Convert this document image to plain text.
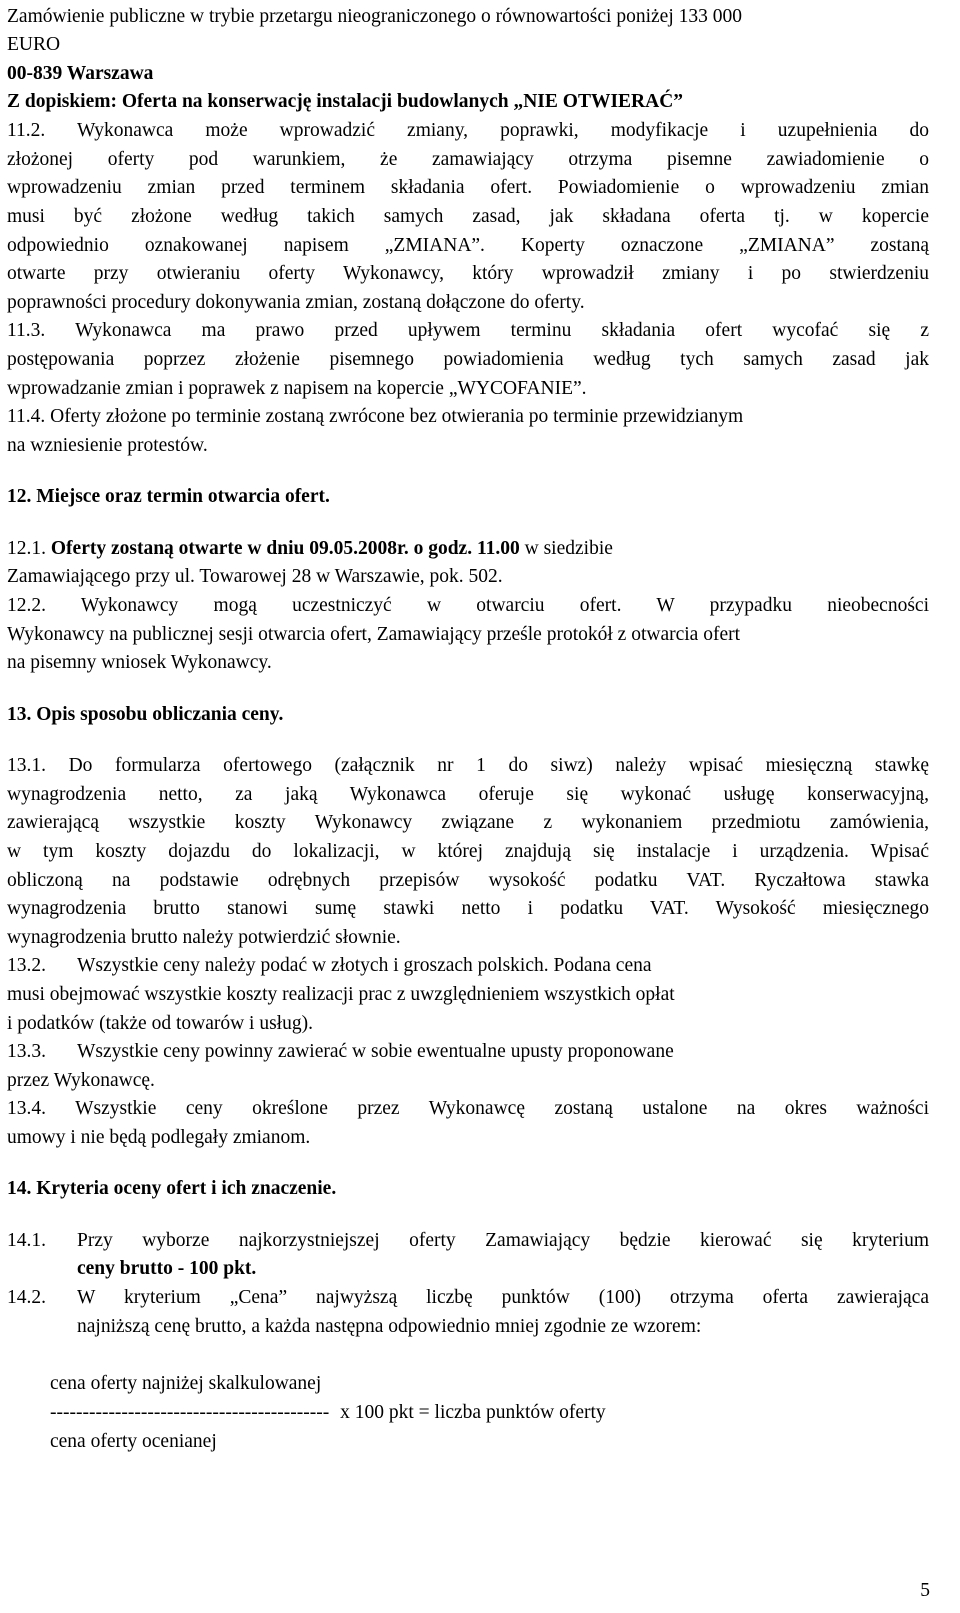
Zamówienie publiczne w trybie przetargu nieograniczonego o równowartości poniżej 133 000
EURO
00-839 Warszawa
Z dopiskiem: Oferta na konserwację instalacji budowlanych „NIE OTWIERAĆ”
11.2. Wykonawca może wprowadzić zmiany, poprawki, modyfikacje i uzupełnienia do
złożonej oferty pod warunkiem, że zamawiający otrzyma pisemne zawiadomienie o
wprowadzeniu zmian przed terminem składania ofert. Powiadomienie o wprowadzeniu zmian
musi być złożone według takich samych zasad, jak składana oferta tj. w kopercie
odpowiednio oznakowanej napisem „ZMIANA”. Koperty oznaczone „ZMIANA” zostaną
otwarte przy otwieraniu oferty Wykonawcy, który wprowadził zmiany i po stwierdzeniu
poprawności procedury dokonywania zmian, zostaną dołączone do oferty.
11.3. Wykonawca ma prawo przed upływem terminu składania ofert wycofać się z
postępowania poprzez złożenie pisemnego powiadomienia według tych samych zasad jak
wprowadzanie zmian i poprawek z napisem na kopercie „WYCOFANIE”.
11.4. Oferty złożone po terminie zostaną zwrócone bez otwierania po terminie przewidzianym
na wzniesienie protestów.
12. Miejsce oraz termin otwarcia ofert.
12.1. Oferty zostaną otwarte w dniu 09.05.2008r. o godz. 11.00 w siedzibie
Zamawiającego przy ul. Towarowej 28 w Warszawie, pok. 502.
12.2. Wykonawcy mogą uczestniczyć w otwarciu ofert. W przypadku nieobecności
Wykonawcy na publicznej sesji otwarcia ofert, Zamawiający prześle protokół z otwarcia ofert
na pisemny wniosek Wykonawcy.
13. Opis sposobu obliczania ceny.
13.1. Do formularza ofertowego (załącznik nr 1 do siwz) należy wpisać miesięczną stawkę
wynagrodzenia netto, za jaką Wykonawca oferuje się wykonać usługę konserwacyjną,
zawierającą wszystkie koszty Wykonawcy związane z wykonaniem przedmiotu zamówienia,
w tym koszty dojazdu do lokalizacji, w której znajdują się instalacje i urządzenia. Wpisać
obliczoną na podstawie odrębnych przepisów wysokość podatku VAT. Ryczałtowa stawka
wynagrodzenia brutto stanowi sumę stawki netto i podatku VAT. Wysokość miesięcznego
wynagrodzenia brutto należy potwierdzić słownie.
13.2. Wszystkie ceny należy podać w złotych i groszach polskich. Podana cena
musi obejmować wszystkie koszty realizacji prac z uwzględnieniem wszystkich opłat
i podatków (także od towarów i usług).
13.3. Wszystkie ceny powinny zawierać w sobie ewentualne upusty proponowane
przez Wykonawcę.
13.4. Wszystkie ceny określone przez Wykonawcę zostaną ustalone na okres ważności
umowy i nie będą podlegały zmianom.
14. Kryteria oceny ofert i ich znaczenie.
14.1. Przy wyborze najkorzystniejszej oferty Zamawiający będzie kierować się kryterium
ceny brutto - 100 pkt.
14.2. W kryterium „Cena” najwyższą liczbę punktów (100) otrzyma oferta zawierająca
najniższą cenę brutto, a każda następna odpowiednio mniej zgodnie ze wzorem:
cena oferty najniżej skalkulowanej
------------------------------------------- x 100 pkt = liczba punktów oferty
cena oferty ocenianej
5
